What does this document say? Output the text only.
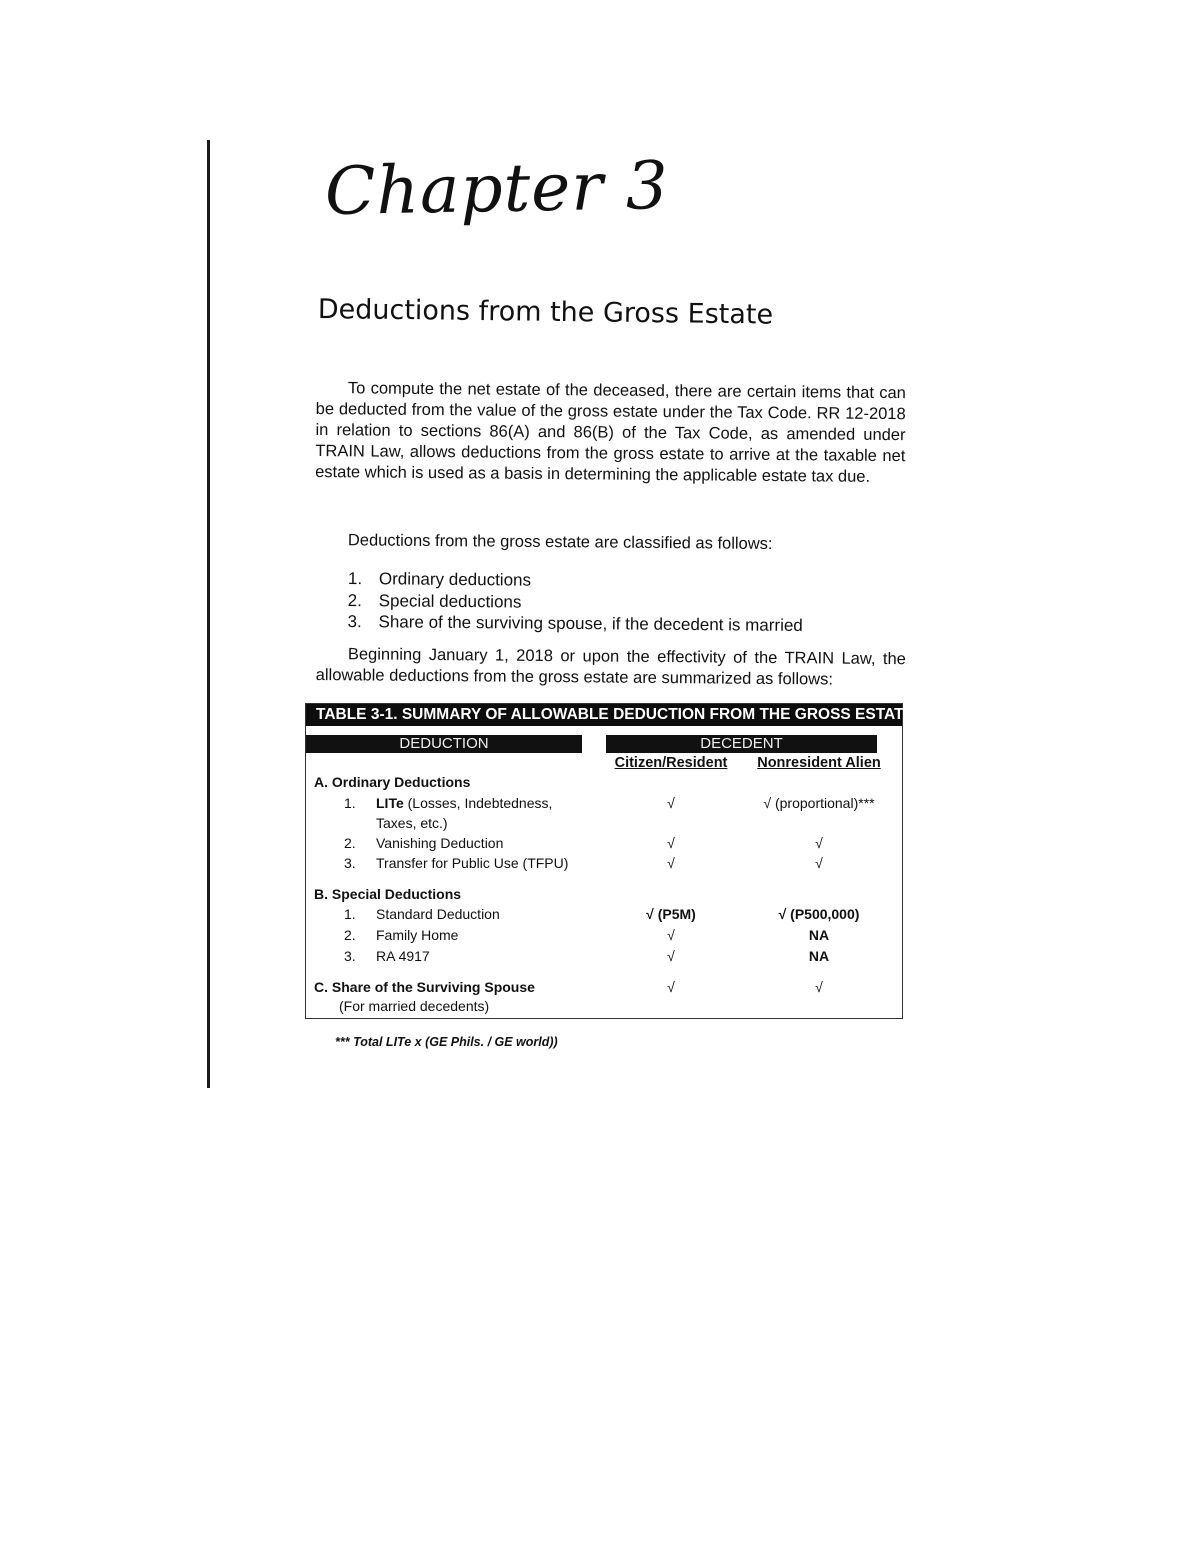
Chapter 3
Deductions from the Gross Estate

To compute the net estate of the deceased, there are certain items that can be deducted from the value of the gross estate under the Tax Code. RR 12-2018 in relation to sections 86(A) and 86(B) of the Tax Code, as amended under TRAIN Law, allows deductions from the gross estate to arrive at the taxable net estate which is used as a basis in determining the applicable estate tax due.

Deductions from the gross estate are classified as follows:

1. Ordinary deductions
2. Special deductions
3. Share of the surviving spouse, if the decedent is married

Beginning January 1, 2018 or upon the effectivity of the TRAIN Law, the allowable deductions from the gross estate are summarized as follows:

TABLE 3-1. SUMMARY OF ALLOWABLE DEDUCTION FROM THE GROSS ESTATE
DEDUCTION	DECEDENT
Citizen/Resident Nonresident Alien
A. Ordinary Deductions
1. LITe (Losses, Indebtedness,	√	√ (proportional)***
Taxes, etc.)
2. Vanishing Deduction	√	√
3. Transfer for Public Use (TFPU)	√	√
B. Special Deductions
1. Standard Deduction	√ (P5M)	√ (P500,000)
2. Family Home	√	NA
3. RA 4917	√	NA
C. Share of the Surviving Spouse	√	√
(For married decedents)
*** Total LITe x (GE Phils. / GE world))
